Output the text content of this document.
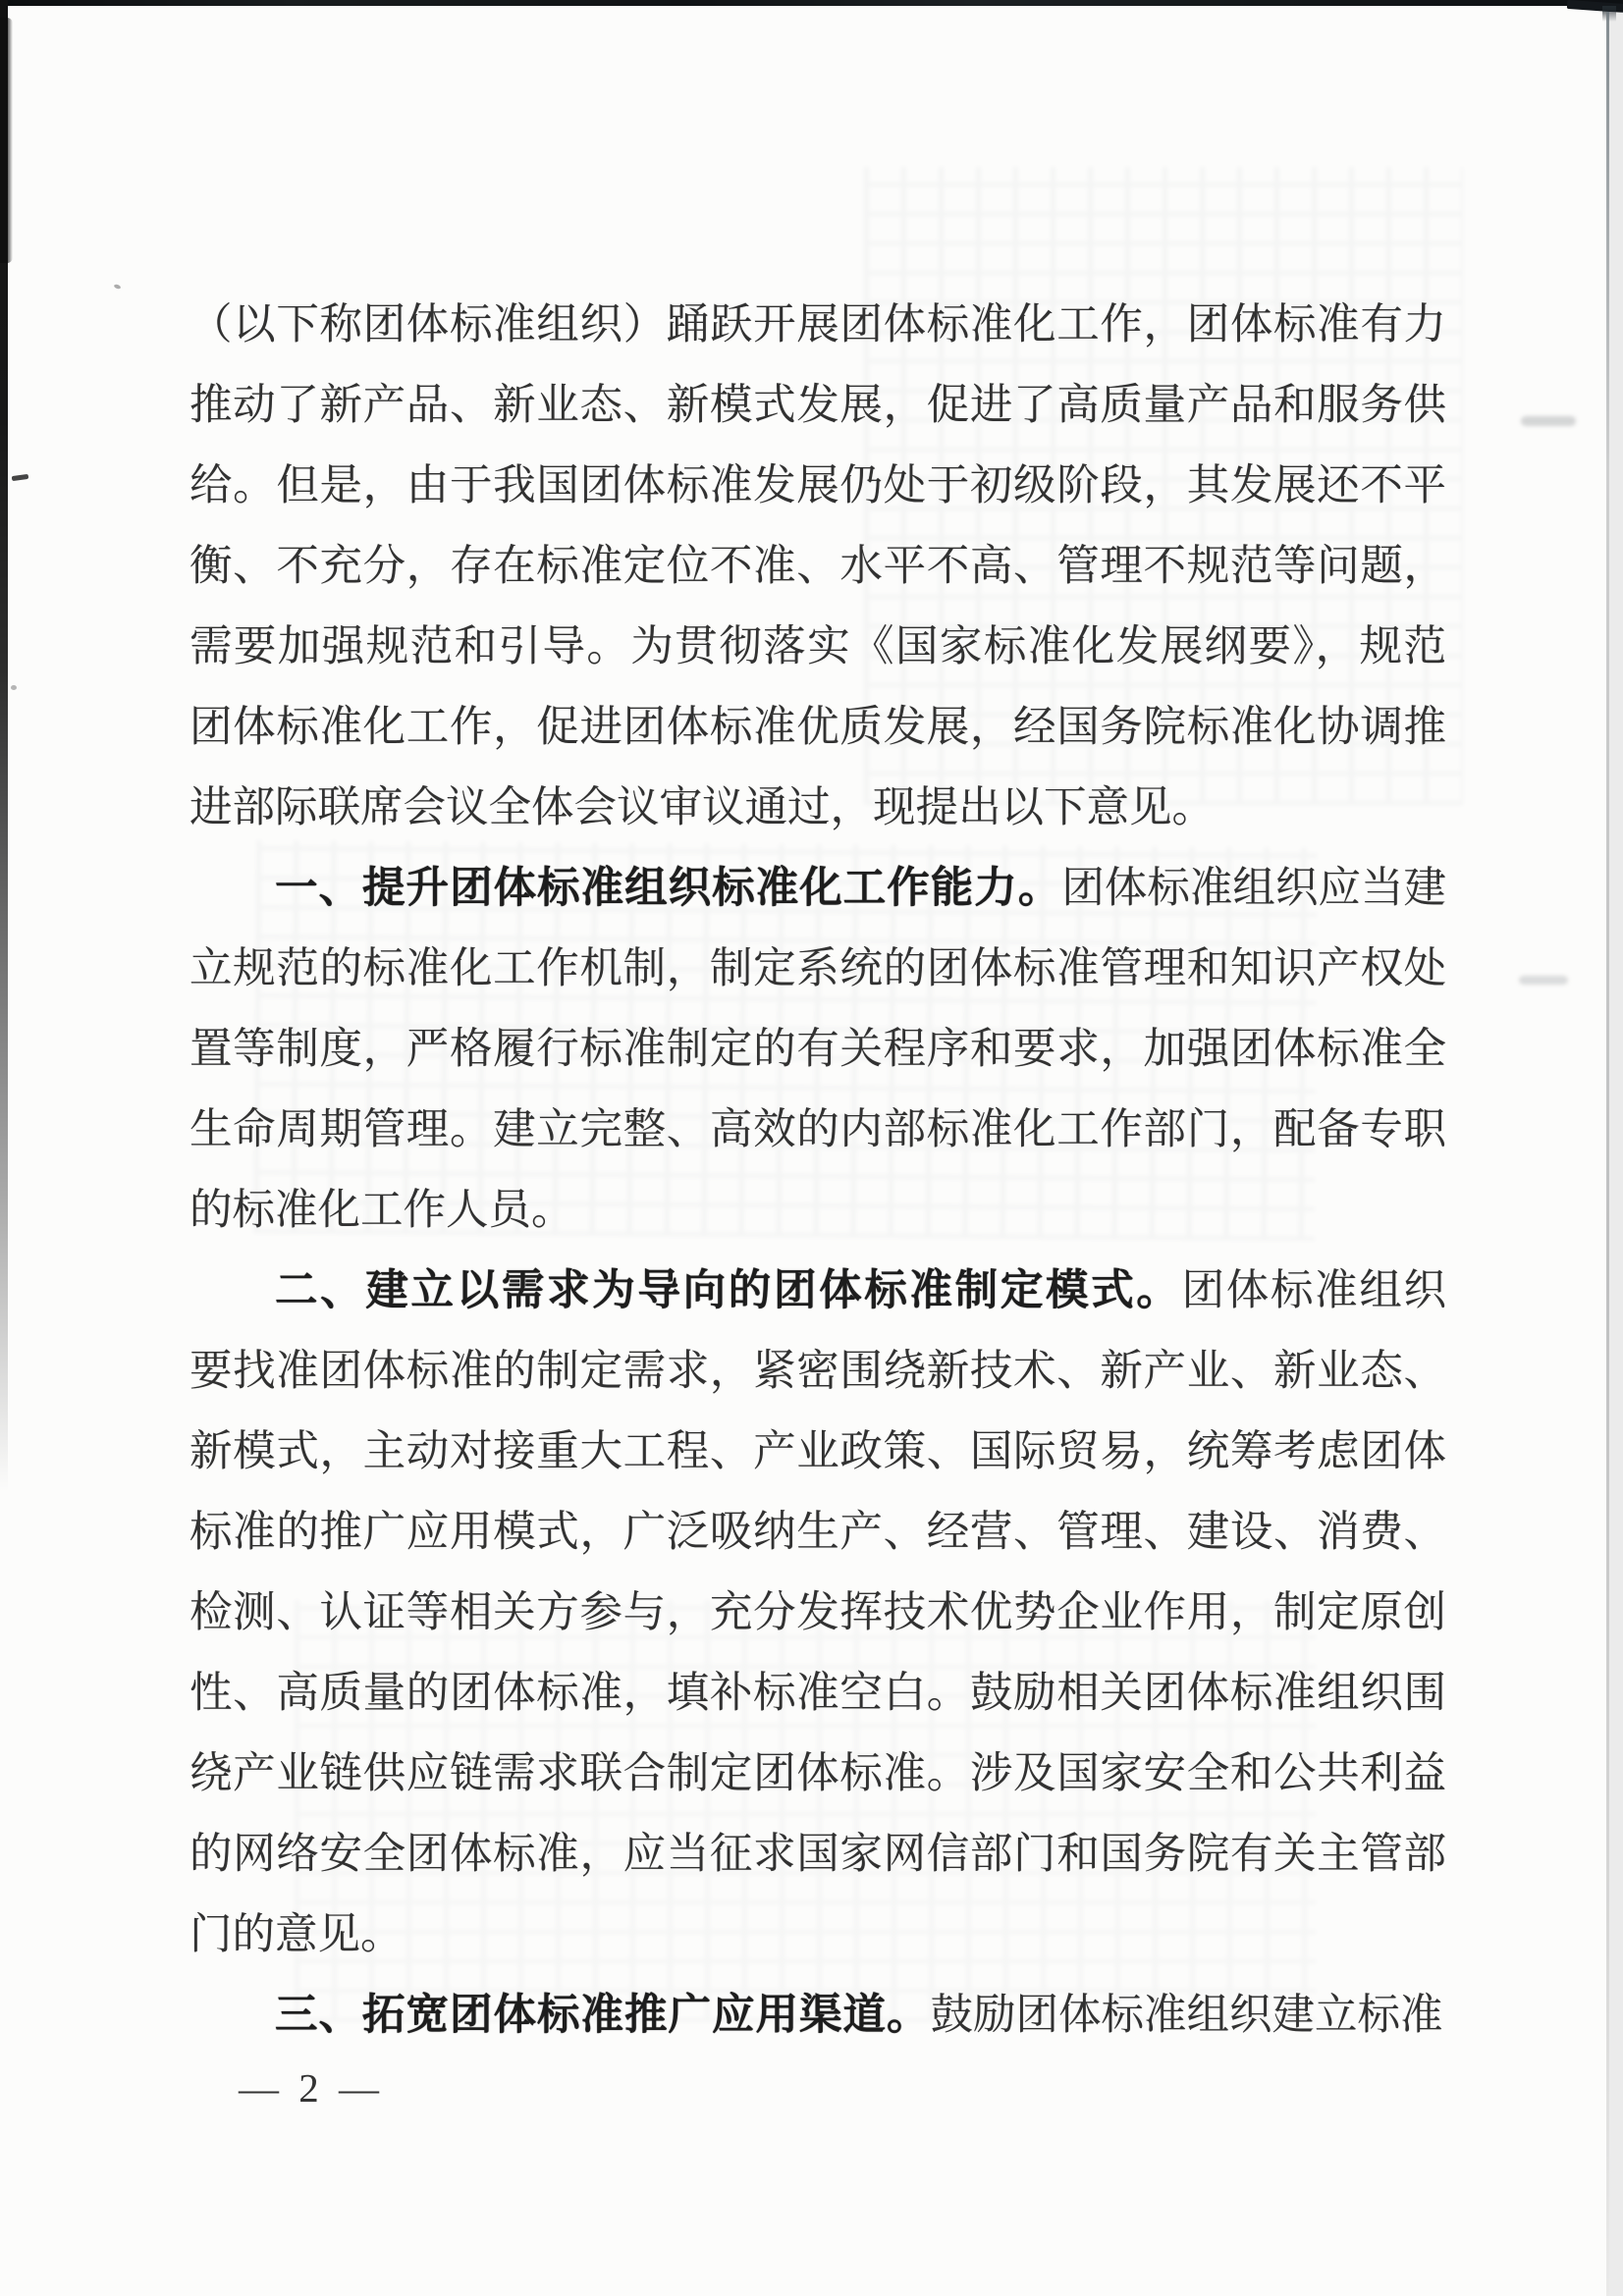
（以下称团体标准组织）踊跃开展团体标准化工作，团体标准有力推动了新产品、新业态、新模式发展，促进了高质量产品和服务供给。但是，由于我国团体标准发展仍处于初级阶段，其发展还不平衡、不充分，存在标准定位不准、水平不高、管理不规范等问题，需要加强规范和引导。为贯彻落实《国家标准化发展纲要》，规范团体标准化工作，促进团体标准优质发展，经国务院标准化协调推进部际联席会议全体会议审议通过，现提出以下意见。

一、提升团体标准组织标准化工作能力。团体标准组织应当建立规范的标准化工作机制，制定系统的团体标准管理和知识产权处置等制度，严格履行标准制定的有关程序和要求，加强团体标准全生命周期管理。建立完整、高效的内部标准化工作部门，配备专职的标准化工作人员。

二、建立以需求为导向的团体标准制定模式。团体标准组织要找准团体标准的制定需求，紧密围绕新技术、新产业、新业态、新模式，主动对接重大工程、产业政策、国际贸易，统筹考虑团体标准的推广应用模式，广泛吸纳生产、经营、管理、建设、消费、检测、认证等相关方参与，充分发挥技术优势企业作用，制定原创性、高质量的团体标准，填补标准空白。鼓励相关团体标准组织围绕产业链供应链需求联合制定团体标准。涉及国家安全和公共利益的网络安全团体标准，应当征求国家网信部门和国务院有关主管部门的意见。

三、拓宽团体标准推广应用渠道。鼓励团体标准组织建立标准

— 2 —
